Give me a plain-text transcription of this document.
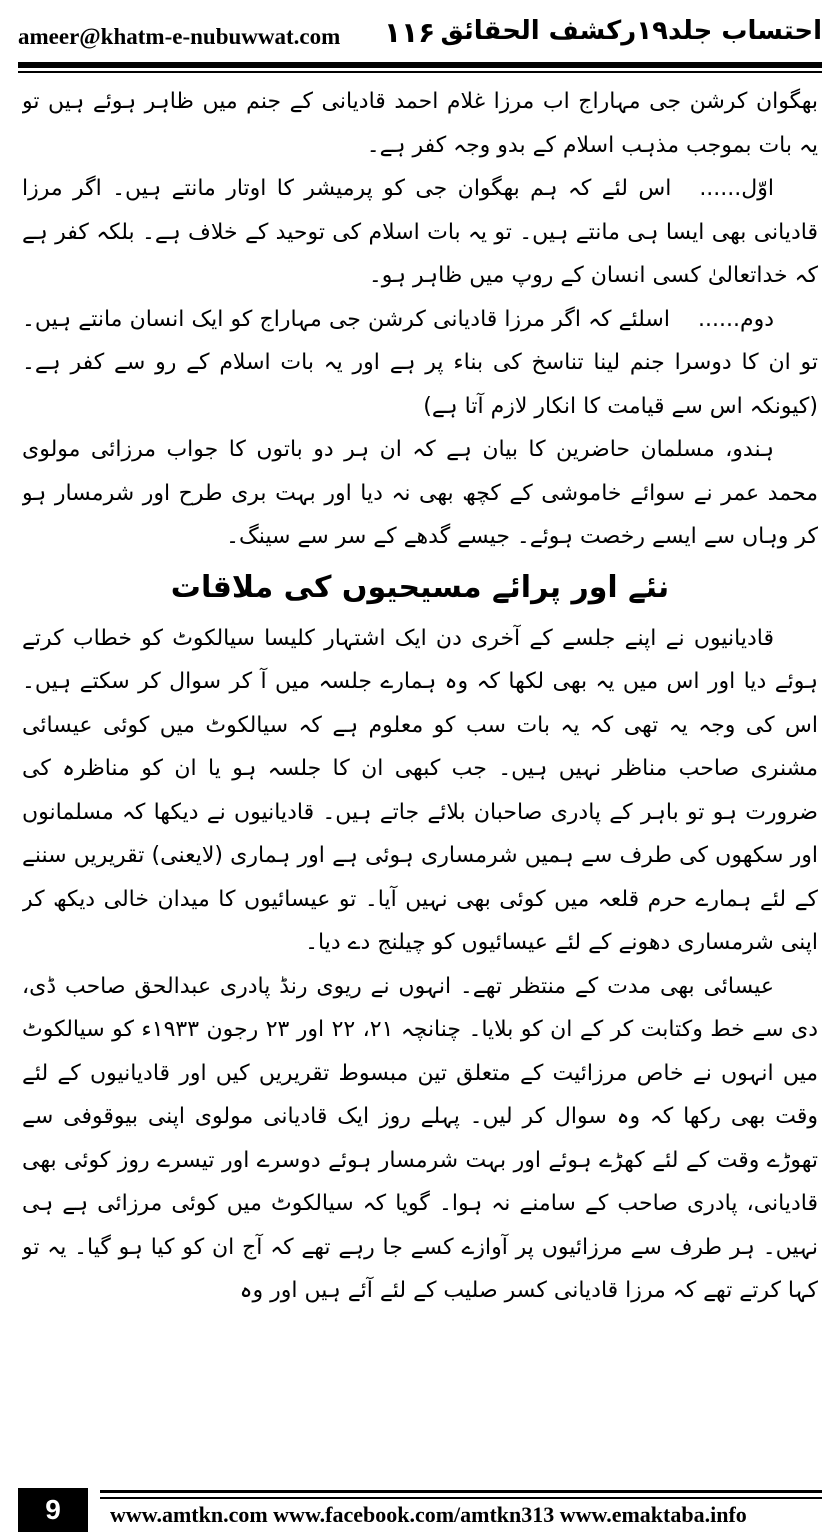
ameer@khatm-e-nubuwwat.com ۱۱۶ احتساب جلد۱۹رکشف الحقائق

بھگوان کرشن جی مہاراج اب مرزا غلام احمد قادیانی کے جنم میں ظاہر ہوئے ہیں تو یہ بات بموجب مذہب اسلام کے بدو وجہ کفر ہے۔

اوّل......اس لئے کہ ہم بھگوان جی کو پرمیشر کا اوتار مانتے ہیں۔ اگر مرزا قادیانی بھی ایسا ہی مانتے ہیں۔ تو یہ بات اسلام کی توحید کے خلاف ہے۔ بلکہ کفر ہے کہ خداتعالیٰ کسی انسان کے روپ میں ظاہر ہو۔

دوم......اسلئے کہ اگر مرزا قادیانی کرشن جی مہاراج کو ایک انسان مانتے ہیں۔ تو ان کا دوسرا جنم لینا تناسخ کی بناء پر ہے اور یہ بات اسلام کے رو سے کفر ہے۔ (کیونکہ اس سے قیامت کا انکار لازم آتا ہے)

ہندو، مسلمان حاضرین کا بیان ہے کہ ان ہر دو باتوں کا جواب مرزائی مولوی محمد عمر نے سوائے خاموشی کے کچھ بھی نہ دیا اور بہت بری طرح اور شرمسار ہو کر وہاں سے ایسے رخصت ہوئے۔ جیسے گدھے کے سر سے سینگ۔

نئے اور پرائے مسیحیوں کی ملاقات

قادیانیوں نے اپنے جلسے کے آخری دن ایک اشتہار کلیسا سیالکوٹ کو خطاب کرتے ہوئے دیا اور اس میں یہ بھی لکھا کہ وہ ہمارے جلسہ میں آ کر سوال کر سکتے ہیں۔ اس کی وجہ یہ تھی کہ یہ بات سب کو معلوم ہے کہ سیالکوٹ میں کوئی عیسائی مشنری صاحب مناظر نہیں ہیں۔ جب کبھی ان کا جلسہ ہو یا ان کو مناظرہ کی ضرورت ہو تو باہر کے پادری صاحبان بلائے جاتے ہیں۔ قادیانیوں نے دیکھا کہ مسلمانوں اور سکھوں کی طرف سے ہمیں شرمساری ہوئی ہے اور ہماری (لایعنی) تقریریں سننے کے لئے ہمارے حرم قلعہ میں کوئی بھی نہیں آیا۔ تو عیسائیوں کا میدان خالی دیکھ کر اپنی شرمساری دھونے کے لئے عیسائیوں کو چیلنج دے دیا۔

عیسائی بھی مدت کے منتظر تھے۔ انہوں نے ریوی رنڈ پادری عبدالحق صاحب ڈی، دی سے خط وکتابت کر کے ان کو بلایا۔ چنانچہ ۲۱، ۲۲ اور ۲۳ رجون ۱۹۳۳ء کو سیالکوٹ میں انہوں نے خاص مرزائیت کے متعلق تین مبسوط تقریریں کیں اور قادیانیوں کے لئے وقت بھی رکھا کہ وہ سوال کر لیں۔ پہلے روز ایک قادیانی مولوی اپنی بیوقوفی سے تھوڑے وقت کے لئے کھڑے ہوئے اور بہت شرمسار ہوئے دوسرے اور تیسرے روز کوئی بھی قادیانی، پادری صاحب کے سامنے نہ ہوا۔ گویا کہ سیالکوٹ میں کوئی مرزائی ہے ہی نہیں۔ ہر طرف سے مرزائیوں پر آوازے کسے جا رہے تھے کہ آج ان کو کیا ہو گیا۔ یہ تو کہا کرتے تھے کہ مرزا قادیانی کسر صلیب کے لئے آئے ہیں اور وہ

9	www.amtkn.com www.facebook.com/amtkn313 www.emaktaba.info
